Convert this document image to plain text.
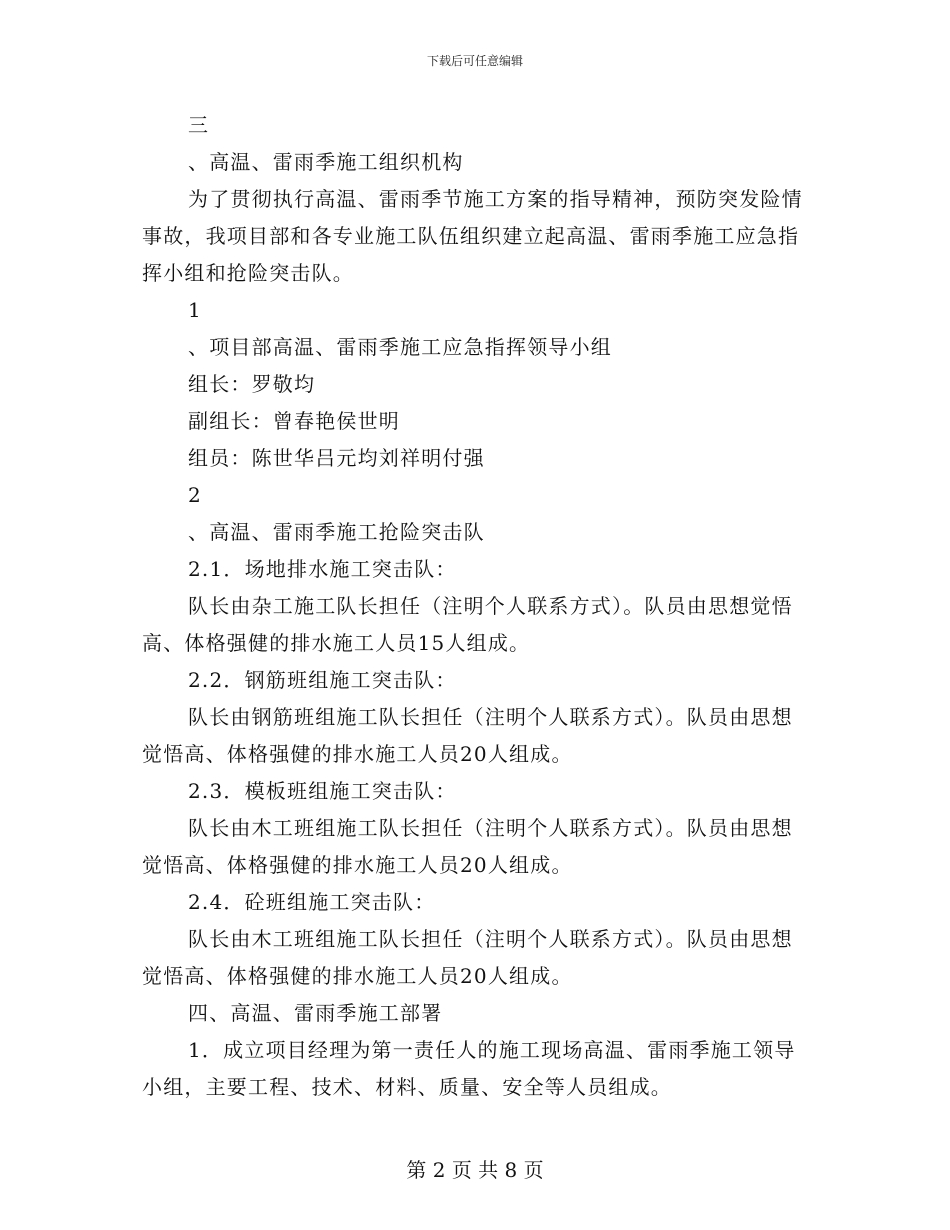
下载后可任意编辑

三

、高温、雷雨季施工组织机构

为了贯彻执行高温、雷雨季节施工方案的指导精神，预防突发险情事故，我项目部和各专业施工队伍组织建立起高温、雷雨季施工应急指挥小组和抢险突击队。

1

、项目部高温、雷雨季施工应急指挥领导小组

组长：罗敬均

副组长：曾春艳侯世明

组员：陈世华吕元均刘祥明付强

2

、高温、雷雨季施工抢险突击队

2.1．场地排水施工突击队：

队长由杂工施工队长担任（注明个人联系方式）。队员由思想觉悟高、体格强健的排水施工人员15人组成。

2.2．钢筋班组施工突击队：

队长由钢筋班组施工队长担任（注明个人联系方式）。队员由思想觉悟高、体格强健的排水施工人员20人组成。

2.3．模板班组施工突击队：

队长由木工班组施工队长担任（注明个人联系方式）。队员由思想觉悟高、体格强健的排水施工人员20人组成。

2.4．砼班组施工突击队：

队长由木工班组施工队长担任（注明个人联系方式）。队员由思想觉悟高、体格强健的排水施工人员20人组成。

四、高温、雷雨季施工部署

1．成立项目经理为第一责任人的施工现场高温、雷雨季施工领导小组，主要工程、技术、材料、质量、安全等人员组成。

第 2 页 共 8 页
